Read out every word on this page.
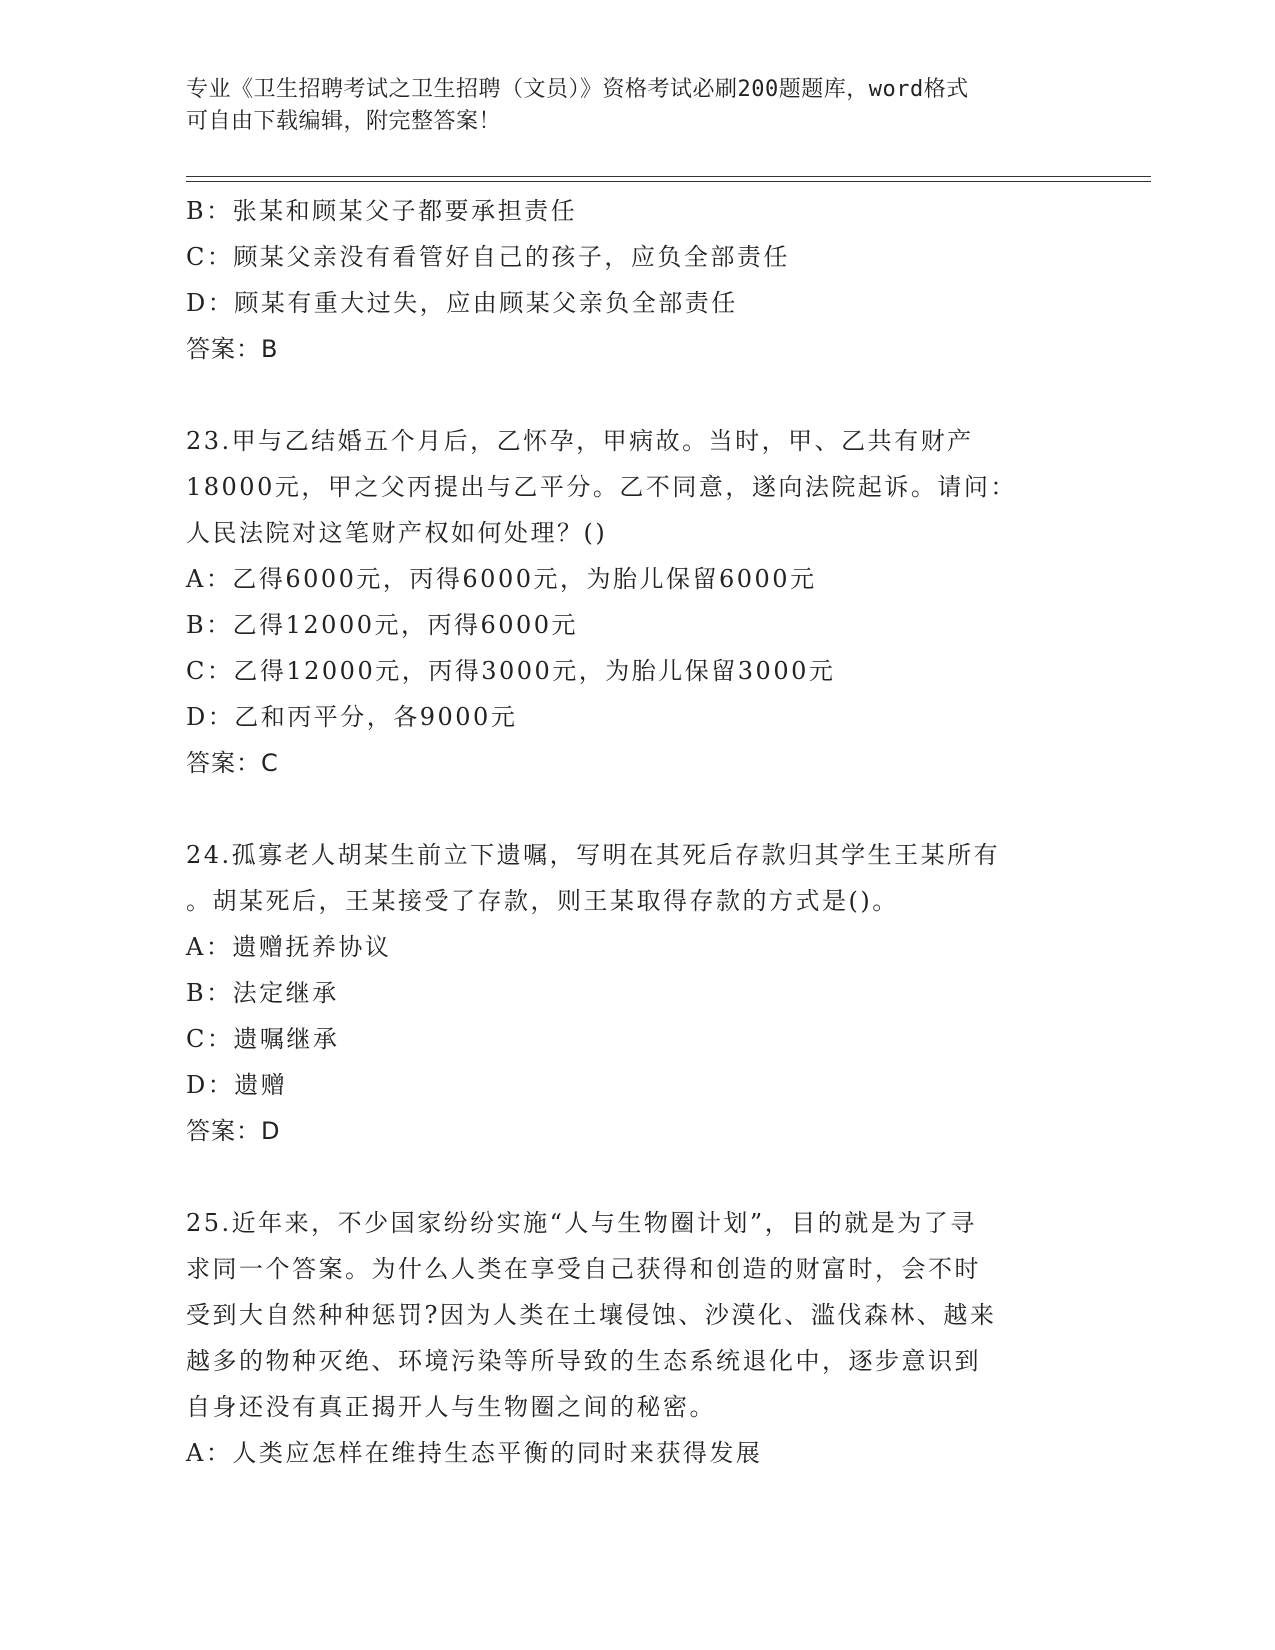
专业《卫生招聘考试之卫生招聘（文员）》资格考试必刷200题题库，word格式
可自由下载编辑，附完整答案！
B：张某和顾某父子都要承担责任
C：顾某父亲没有看管好自己的孩子，应负全部责任
D：顾某有重大过失，应由顾某父亲负全部责任
答案：B
23.甲与乙结婚五个月后，乙怀孕，甲病故。当时，甲、乙共有财产
18000元，甲之父丙提出与乙平分。乙不同意，遂向法院起诉。请问：
人民法院对这笔财产权如何处理？()
A：乙得6000元，丙得6000元，为胎儿保留6000元
B：乙得12000元，丙得6000元
C：乙得12000元，丙得3000元，为胎儿保留3000元
D：乙和丙平分，各9000元
答案：C
24.孤寡老人胡某生前立下遗嘱，写明在其死后存款归其学生王某所有
。胡某死后，王某接受了存款，则王某取得存款的方式是()。
A：遗赠抚养协议
B：法定继承
C：遗嘱继承
D：遗赠
答案：D
25.近年来，不少国家纷纷实施“人与生物圈计划”，目的就是为了寻
求同一个答案。为什么人类在享受自己获得和创造的财富时，会不时
受到大自然种种惩罚?因为人类在土壤侵蚀、沙漠化、滥伐森林、越来
越多的物种灭绝、环境污染等所导致的生态系统退化中，逐步意识到
自身还没有真正揭开人与生物圈之间的秘密。
A：人类应怎样在维持生态平衡的同时来获得发展
